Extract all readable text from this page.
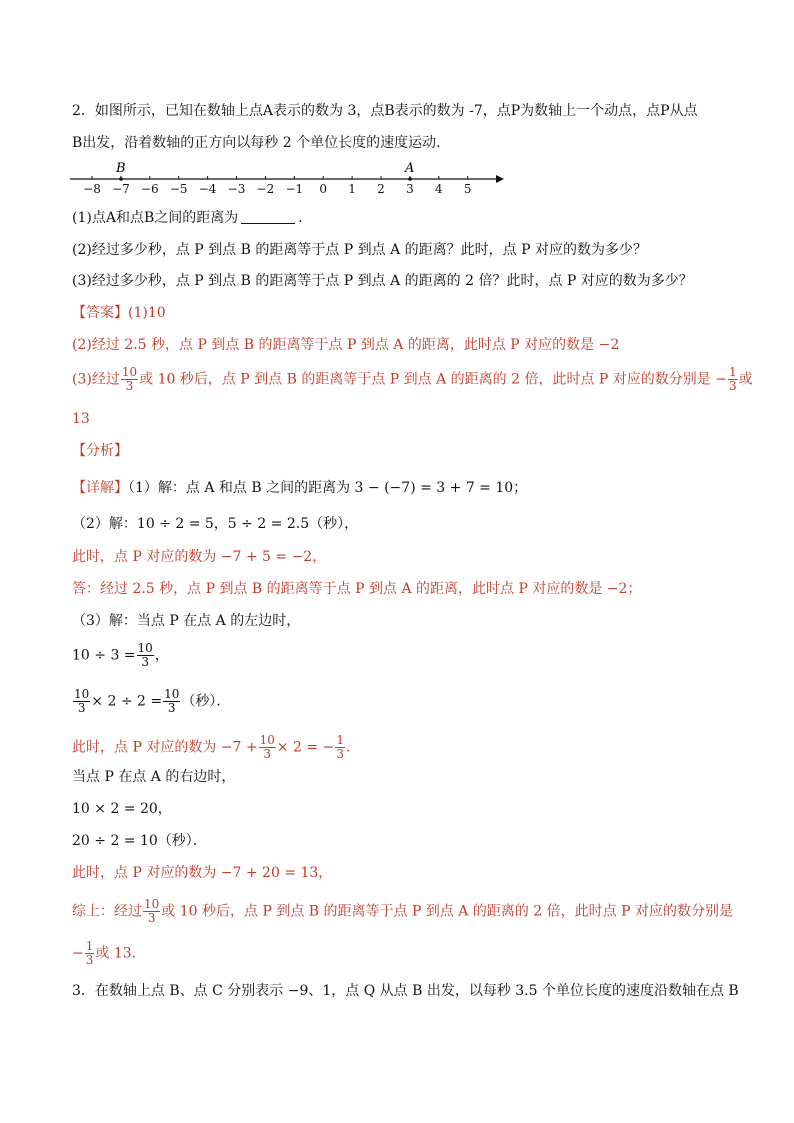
2．如图所示，已知在数轴上点A表示的数为 3，点B表示的数为 -7，点P为数轴上一个动点，点P从点
B出发，沿着数轴的正方向以每秒 2 个单位长度的速度运动．
−8 −7 −6 −5 −4 −3 −2 −1 0 1 2 3 4 5
B	A
(1)点A和点B之间的距离为	．
(2)经过多少秒，点 P 到点 B 的距离等于点 P 到点 A 的距离？此时，点 P 对应的数为多少？
(3)经过多少秒，点 P 到点 B 的距离等于点 P 到点 A 的距离的 2 倍？此时，点 P 对应的数为多少？
【答案】(1)10
(2)经过 2.5 秒，点 P 到点 B 的距离等于点 P 到点 A 的距离，此时点 P 对应的数是 −2
(3)经过 $\frac{10}{3}$ 或 10 秒后，点 P 到点 B 的距离等于点 P 到点 A 的距离的 2 倍，此时点 P 对应的数分别是 − $\frac{1}{3}$ 或
13
【分析】
【详解】（1）解：点 A 和点 B 之间的距离为 3 − (−7) = 3 + 7 = 10；
（2）解：10 ÷ 2 = 5，5 ÷ 2 = 2.5（秒），
此时，点 P 对应的数为 −7 + 5 = −2，
答：经过 2.5 秒，点 P 到点 B 的距离等于点 P 到点 A 的距离，此时点 P 对应的数是 −2；
（3）解：当点 P 在点 A 的左边时，
$10 \div 3 = \frac{10}{3}$ ，
$\frac{10}{3} \times 2 \div 2 = \frac{10}{3}$ （秒）．
此时，点 P 对应的数为 $-7 + \frac{10}{3} \times 2$ = − $\frac{1}{3}$ ．
当点 P 在点 A 的右边时，
10 × 2 = 20，
20 ÷ 2 = 10（秒）．
此时，点 P 对应的数为 −7 + 20 = 13，
综上：经过 $\frac{10}{3}$ 或 10 秒后，点 P 到点 B 的距离等于点 P 到点 A 的距离的 2 倍，此时点 P 对应的数分别是
− $\frac{1}{3}$ 或 13．
3．在数轴上点 B、点 C 分别表示 −9、1，点 Q 从点 B 出发，以每秒 3.5 个单位长度的速度沿数轴在点 B
